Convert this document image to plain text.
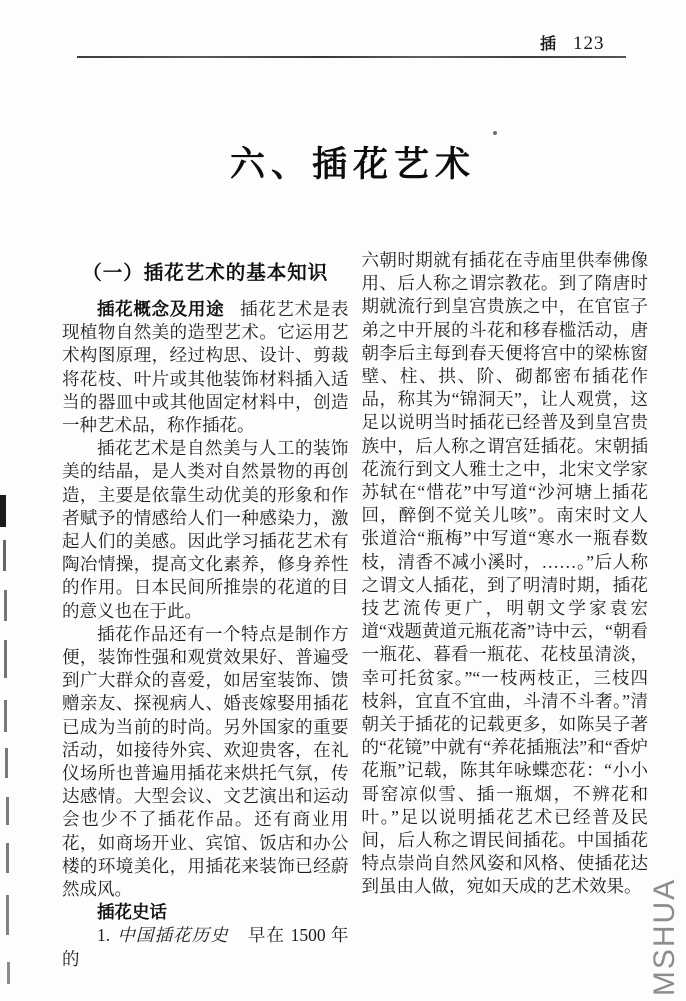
插 123
六、插花艺术
（一）插花艺术的基本知识

插花概念及用途 插花艺术是表现植物自然美的造型艺术。它运用艺术构图原理，经过构思、设计、剪裁将花枝、叶片或其他装饰材料插入适当的器皿中或其他固定材料中，创造一种艺术品，称作插花。

插花艺术是自然美与人工的装饰美的结晶，是人类对自然景物的再创造，主要是依靠生动优美的形象和作者赋予的情感给人们一种感染力，激起人们的美感。因此学习插花艺术有陶冶情操，提高文化素养，修身养性的作用。日本民间所推崇的花道的目的意义也在于此。

插花作品还有一个特点是制作方便，装饰性强和观赏效果好、普遍受到广大群众的喜爱，如居室装饰、馈赠亲友、探视病人、婚丧嫁娶用插花已成为当前的时尚。另外国家的重要活动，如接待外宾、欢迎贵客，在礼仪场所也普遍用插花来烘托气氛，传达感情。大型会议、文艺演出和运动会也少不了插花作品。还有商业用花，如商场开业、宾馆、饭店和办公楼的环境美化，用插花来装饰已经蔚然成风。

插花史话

1. 中国插花历史 早在 1500 年的

六朝时期就有插花在寺庙里供奉佛像用、后人称之谓宗教花。到了隋唐时期就流行到皇宫贵族之中，在官宦子弟之中开展的斗花和移春槛活动，唐朝李后主每到春天便将宫中的梁栋窗壁、柱、拱、阶、砌都密布插花作品，称其为“锦洞天”，让人观赏，这足以说明当时插花已经普及到皇宫贵族中，后人称之谓宫廷插花。宋朝插花流行到文人雅士之中，北宋文学家苏轼在“惜花”中写道“沙河塘上插花回，醉倒不觉关儿咳”。南宋时文人张道洽“瓶梅”中写道“寒水一瓶春数枝，清香不减小溪时，……。”后人称之谓文人插花，到了明清时期，插花技艺流传更广，明朝文学家袁宏道“戏题黄道元瓶花斋”诗中云，“朝看一瓶花、暮看一瓶花、花枝虽清淡，幸可托贫家。”“一枝两枝正，三枝四枝斜，宜直不宜曲，斗清不斗奢。”清朝关于插花的记载更多，如陈吴子著的“花镜”中就有“养花插瓶法”和“香炉花瓶”记载，陈其年咏蝶恋花：“小小哥窑凉似雪、插一瓶烟，不辨花和叶。”足以说明插花艺术已经普及民间，后人称之谓民间插花。中国插花特点崇尚自然风姿和风格、使插花达到虽由人做，宛如天成的艺术效果。 MSHUA
